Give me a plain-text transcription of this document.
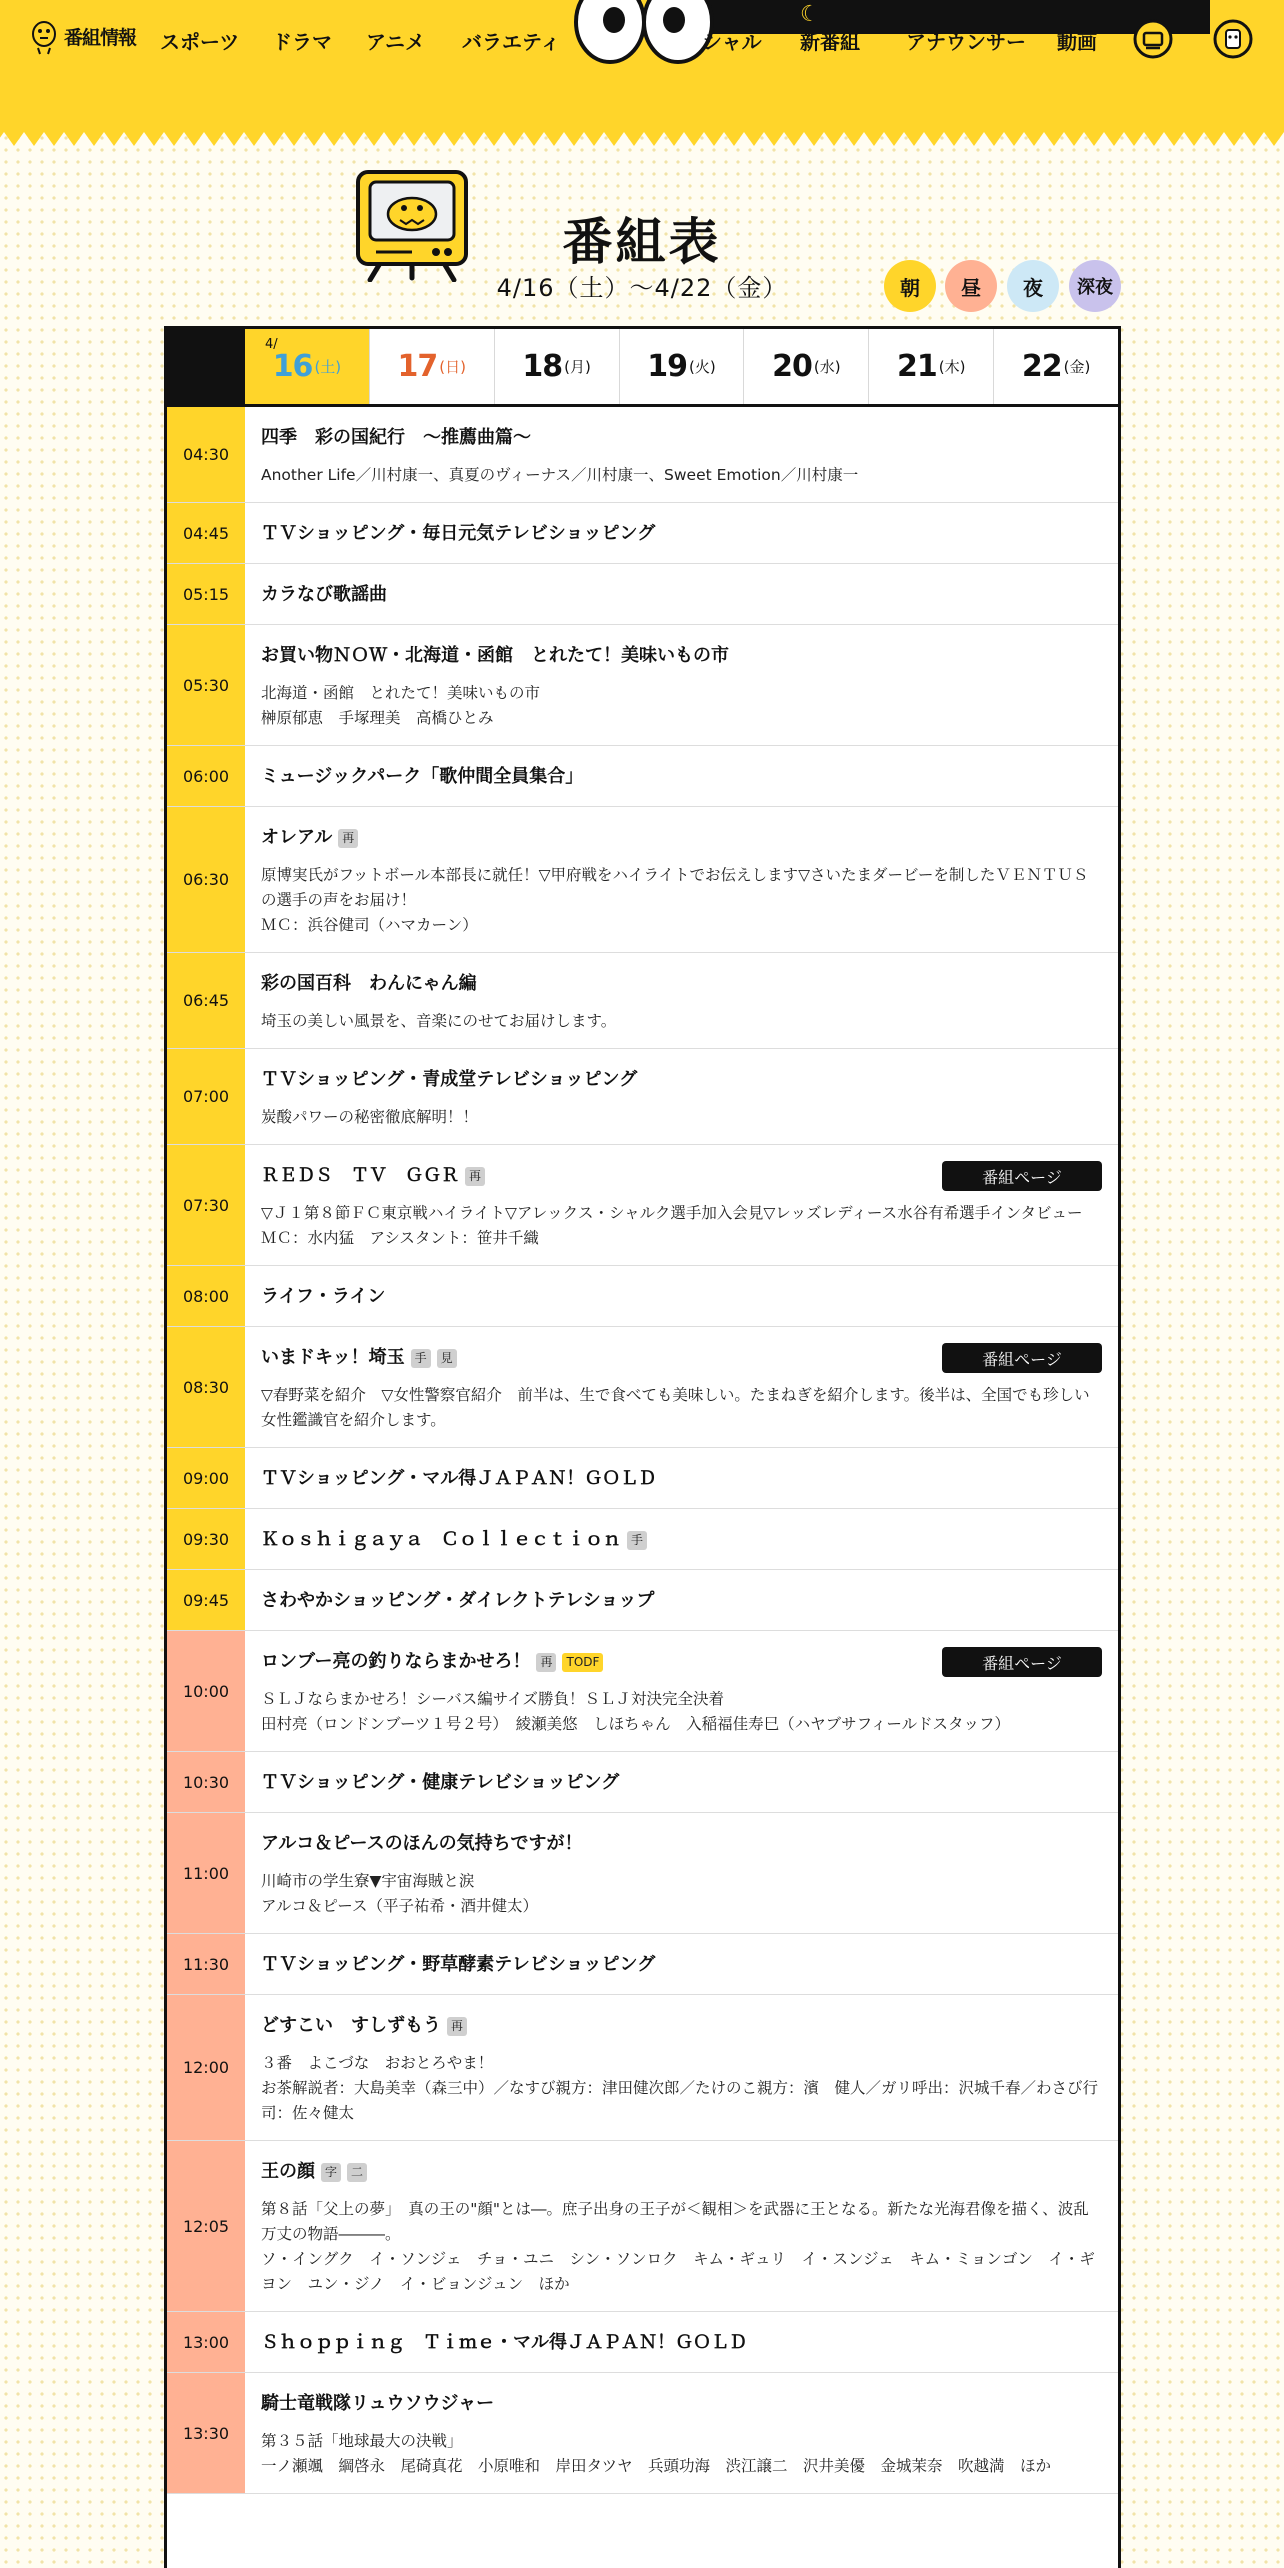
番組情報 スポーツ ドラマ アニメ バラエティ
☾
シャル 新番組 アナウンサー 動画
番組表
4/16（土）〜4/22（金）	朝 昼 夜 深夜
4/
16 (土) 17 (日) 18 (月) 19 (火) 20 (水) 21 (木) 22 (金)
04:30
四季　彩の国紀行　～推薦曲篇～
Another Life／川村康一、真夏のヴィーナス／川村康一、Sweet Emotion／川村康一
04:45	ＴＶショッピング・毎日元気テレビショッピング
05:15	カラなび歌謡曲
05:30
お買い物ＮＯＷ・北海道・函館　とれたて！美味いもの市
北海道・函館　とれたて！美味いもの市
榊原郁恵　手塚理美　高橋ひとみ
06:00	ミュージックパーク「歌仲間全員集合」
06:30
オレアル 再
原博実氏がフットボール本部長に就任！▽甲府戦をハイライトでお伝えします▽さいたまダービーを制したＶＥＮＴＵＳの選手の声をお届け！
ＭＣ：浜谷健司（ハマカーン）
06:45
彩の国百科　わんにゃん編
埼玉の美しい風景を、音楽にのせてお届けします。
07:00
ＴＶショッピング・青成堂テレビショッピング
炭酸パワーの秘密徹底解明！！
07:30
ＲＥＤＳ　ＴＶ　ＧＧＲ 再
▽Ｊ１第８節ＦＣ東京戦ハイライト▽アレックス・シャルク選手加入会見▽レッズレディース水谷有希選手インタビュー
ＭＣ：水内猛　アシスタント：笹井千織
番組ページ
08:00	ライフ・ライン
08:30
いまドキッ！埼玉 手	見
▽春野菜を紹介　▽女性警察官紹介　前半は、生で食べても美味しい。たまねぎを紹介します。後半は、全国でも珍しい女性鑑識官を紹介します。
番組ページ
09:00	ＴＶショッピング・マル得ＪＡＰＡＮ！ＧＯＬＤ
09:30	Ｋｏｓｈｉｇａｙａ　Ｃｏｌｌｅｃｔｉｏｎ 手
09:45	さわやかショッピング・ダイレクトテレショップ
10:00
ロンブー亮の釣りならまかせろ！ 再	TODF
ＳＬＪならまかせろ！シーバス編サイズ勝負！ＳＬＪ対決完全決着
田村亮（ロンドンブーツ１号２号）　綾瀬美悠　しほちゃん　入稲福佳寿巳（ハヤブサフィールドスタッフ）
番組ページ
10:30	ＴＶショッピング・健康テレビショッピング
11:00
アルコ＆ピースのほんの気持ちですが！
川崎市の学生寮▼宇宙海賊と涙
アルコ＆ピース（平子祐希・酒井健太）
11:30	ＴＶショッピング・野草酵素テレビショッピング
12:00
どすこい　すしずもう 再
３番　よこづな　おおとろやま！
お茶解説者：大島美幸（森三中）／なすび親方：津田健次郎／たけのこ親方：濱　健人／ガリ呼出：沢城千春／わさび行司：佐々健太
12:05
王の顔 字	二
第８話「父上の夢」　真の王の"顔"とは―。庶子出身の王子が＜観相＞を武器に王となる。新たな光海君像を描く、波乱万丈の物語―――。
ソ・イングク　イ・ソンジェ　チョ・ユニ　シン・ソンロク　キム・ギュリ　イ・スンジェ　キム・ミョンゴン　イ・ギヨン　ユン・ジノ　イ・ビョンジュン　ほか
13:00	Ｓｈｏｐｐｉｎｇ　Ｔｉｍｅ・マル得ＪＡＰＡＮ！ＧＯＬＤ
13:30
騎士竜戦隊リュウソウジャー
第３５話「地球最大の決戦」
一ノ瀬颯　綱啓永　尾碕真花　小原唯和　岸田タツヤ　兵頭功海　渋江譲二　沢井美優　金城茉奈　吹越満　ほか
